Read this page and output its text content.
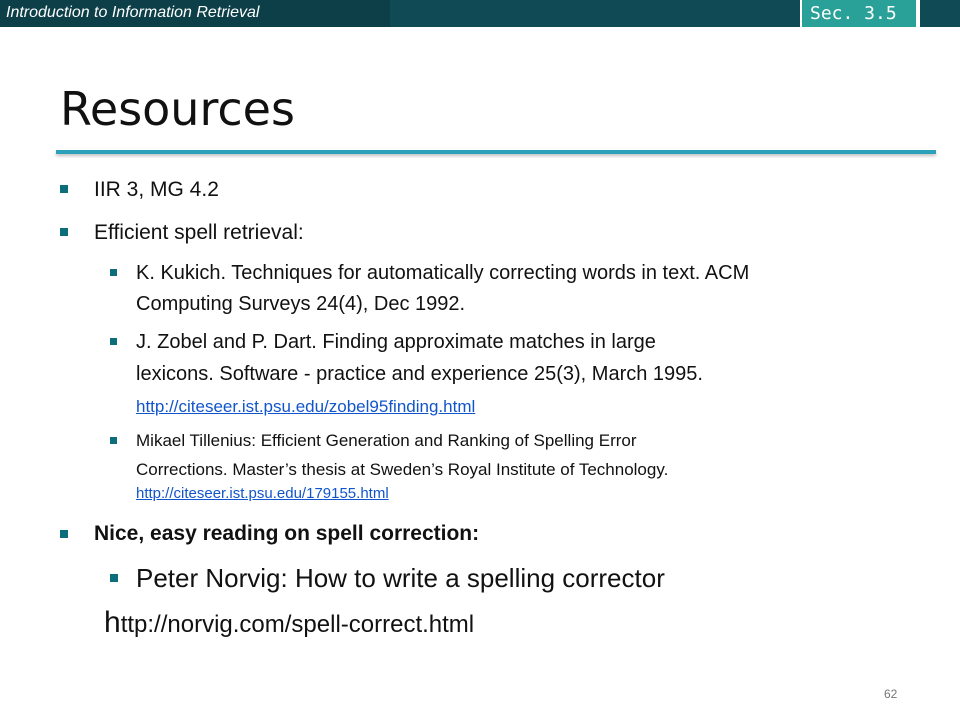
Introduction to Information Retrieval	Sec. 3.5
Resources
IIR 3, MG 4.2
Efficient spell retrieval:
K. Kukich. Techniques for automatically correcting words in text. ACM
Computing Surveys 24(4), Dec 1992.
J. Zobel and P. Dart. Finding approximate matches in large
lexicons. Software - practice and experience 25(3), March 1995.
http://citeseer.ist.psu.edu/zobel95finding.html
Mikael Tillenius: Efficient Generation and Ranking of Spelling Error
Corrections. Master’s thesis at Sweden’s Royal Institute of Technology.
http://citeseer.ist.psu.edu/179155.html
Nice, easy reading on spell correction:
Peter Norvig: How to write a spelling corrector
http://norvig.com/spell-correct.html
62
